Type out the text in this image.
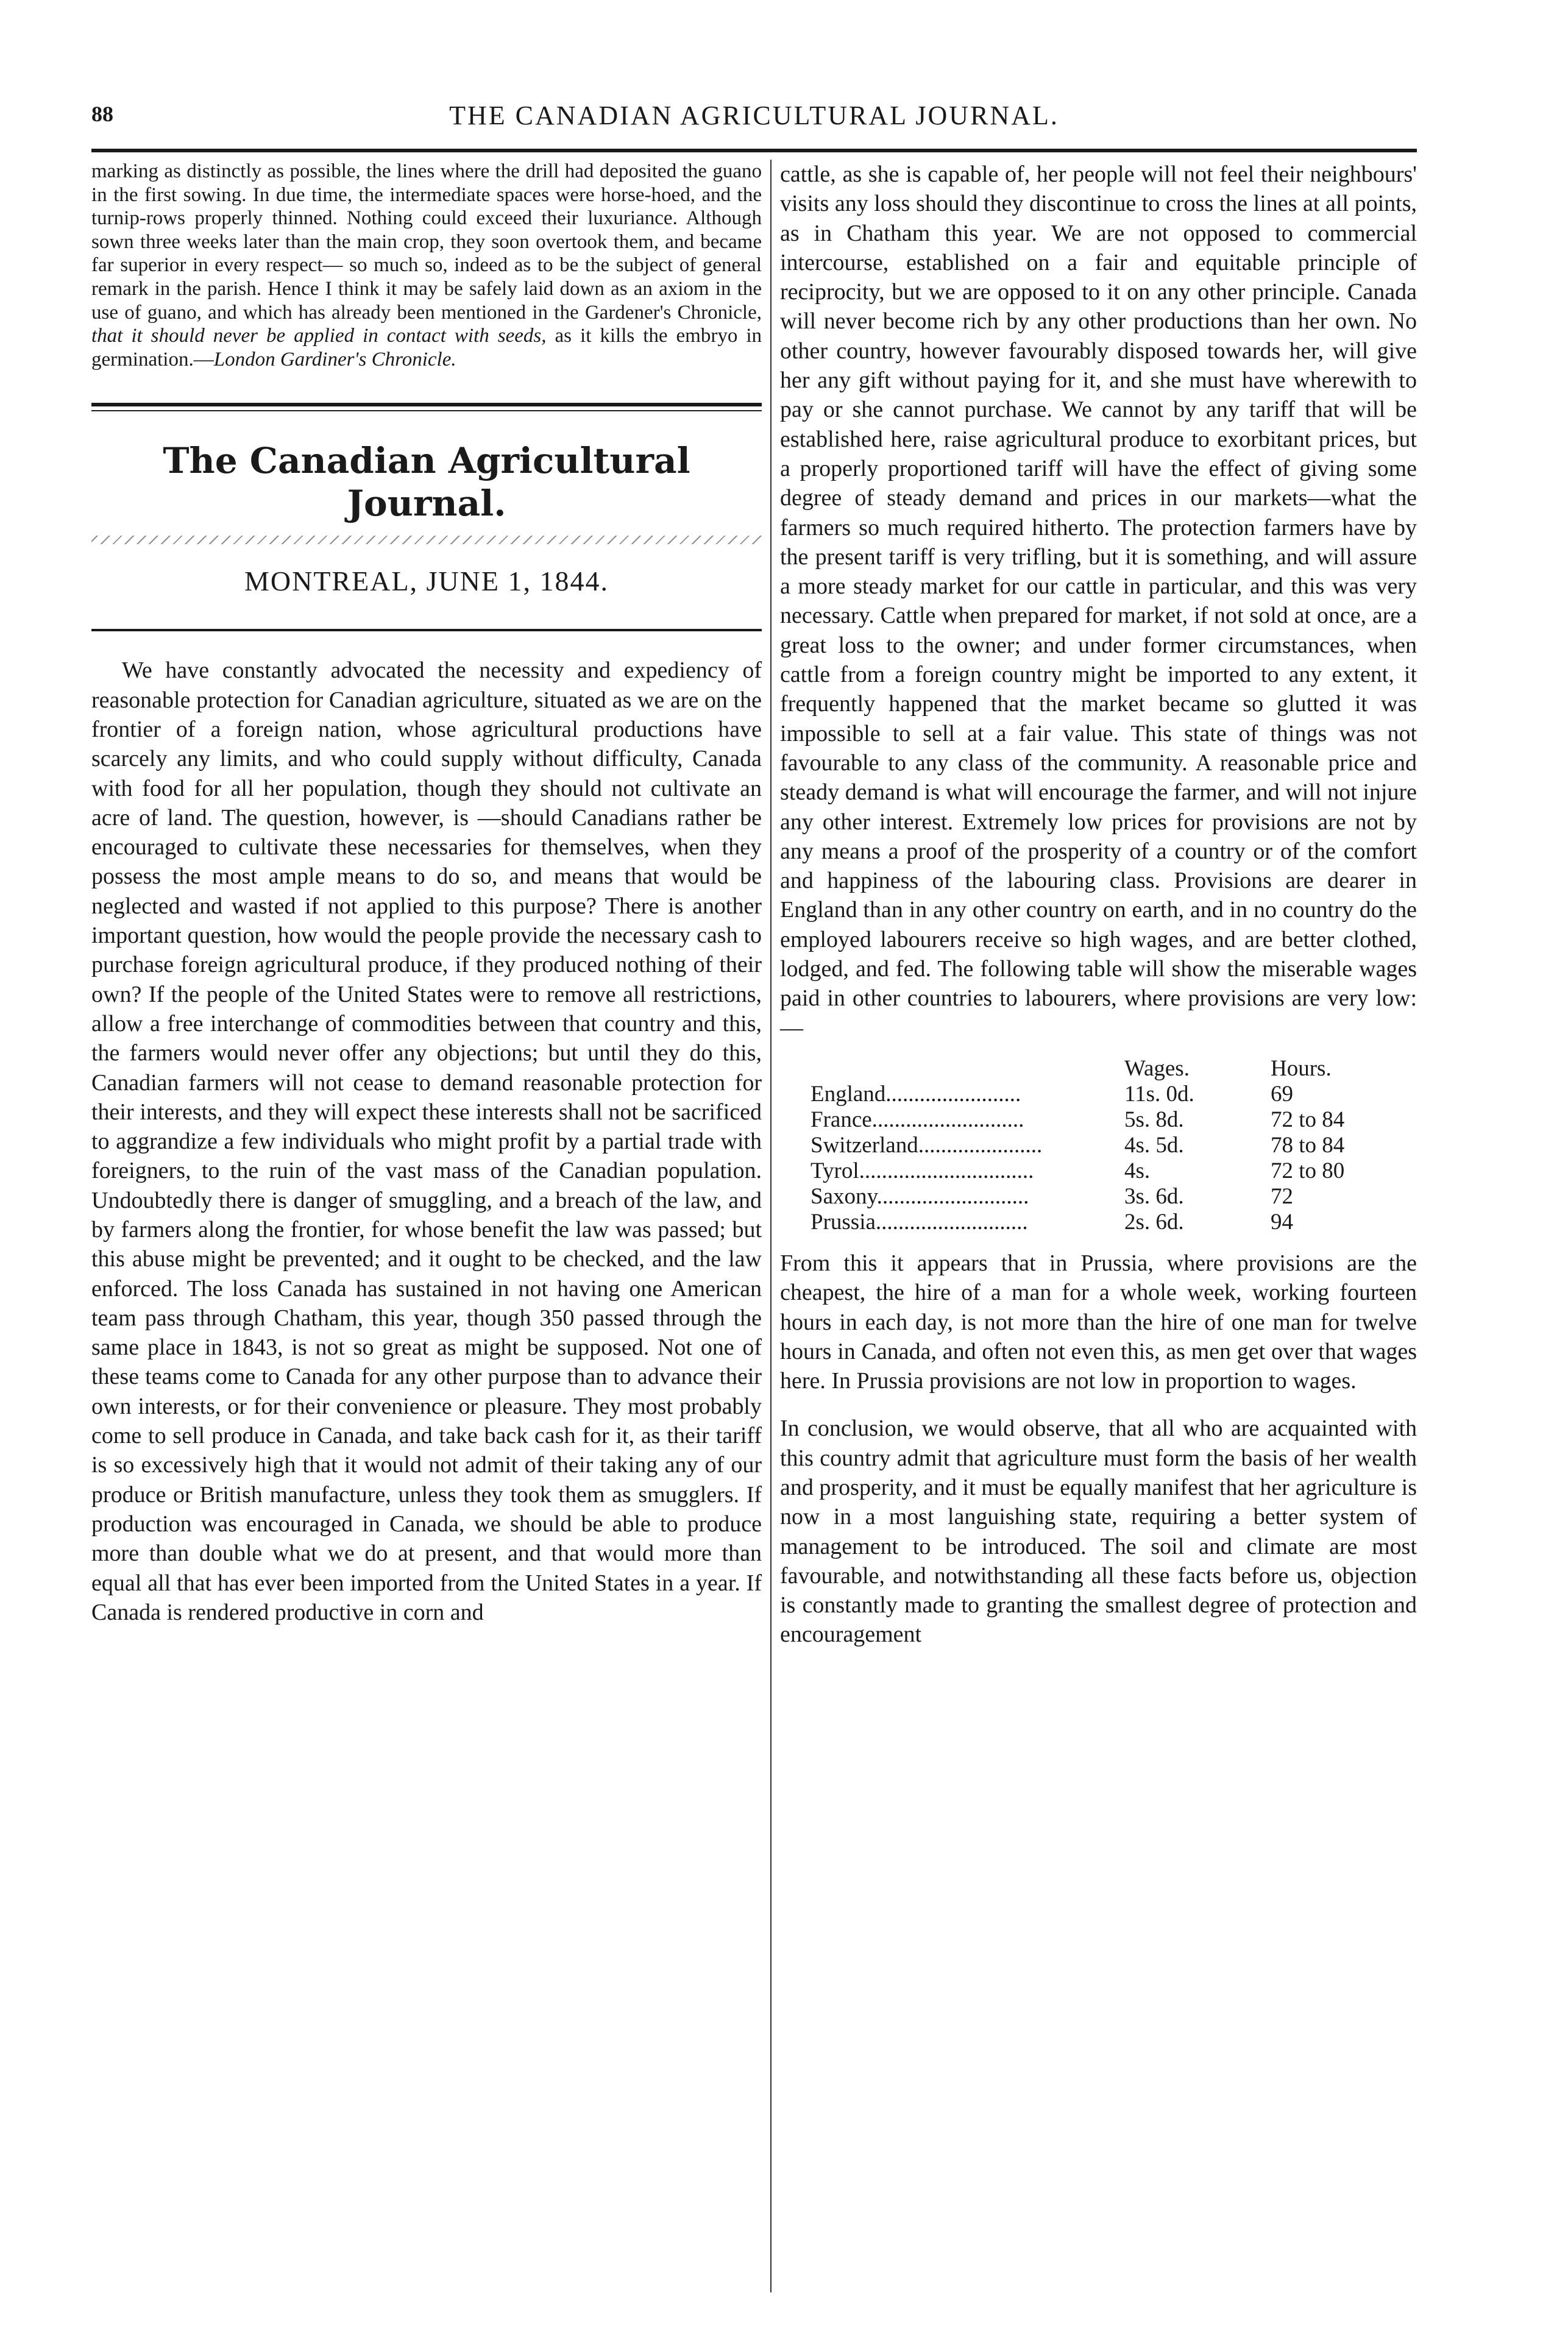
88	THE CANADIAN AGRICULTURAL JOURNAL.

marking as distinctly as possible, the lines where the drill had deposited the guano in the first sowing. In due time, the intermediate spaces were horse-hoed, and the turnip-rows properly thinned. Nothing could exceed their luxuriance. Although sown three weeks later than the main crop, they soon overtook them, and became far superior in every respect— so much so, indeed as to be the subject of general remark in the parish. Hence I think it may be safely laid down as an axiom in the use of guano, and which has already been mentioned in the Gardener's Chronicle, that it should never be applied in contact with seeds, as it kills the embryo in germination.—London Gardiner's Chronicle.

The Canadian Agricultural Journal.
MONTREAL, JUNE 1, 1844.

We have constantly advocated the necessity and expediency of reasonable protection for Canadian agriculture, situated as we are on the frontier of a foreign nation, whose agricultural productions have scarcely any limits, and who could supply without difficulty, Canada with food for all her population, though they should not cultivate an acre of land. The question, however, is —should Canadians rather be encouraged to cultivate these necessaries for themselves, when they possess the most ample means to do so, and means that would be neglected and wasted if not applied to this purpose? There is another important question, how would the people provide the necessary cash to purchase foreign agricultural produce, if they produced nothing of their own? If the people of the United States were to remove all restrictions, allow a free interchange of commodities between that country and this, the farmers would never offer any objections; but until they do this, Canadian farmers will not cease to demand reasonable protection for their interests, and they will expect these interests shall not be sacrificed to aggrandize a few individuals who might profit by a partial trade with foreigners, to the ruin of the vast mass of the Canadian population. Undoubtedly there is danger of smuggling, and a breach of the law, and by farmers along the frontier, for whose benefit the law was passed; but this abuse might be prevented; and it ought to be checked, and the law enforced. The loss Canada has sustained in not having one American team pass through Chatham, this year, though 350 passed through the same place in 1843, is not so great as might be supposed. Not one of these teams come to Canada for any other purpose than to advance their own interests, or for their convenience or pleasure. They most probably come to sell produce in Canada, and take back cash for it, as their tariff is so excessively high that it would not admit of their taking any of our produce or British manufacture, unless they took them as smugglers. If production was encouraged in Canada, we should be able to produce more than double what we do at present, and that would more than equal all that has ever been imported from the United States in a year. If Canada is rendered productive in corn and

cattle, as she is capable of, her people will not feel their neighbours' visits any loss should they discontinue to cross the lines at all points, as in Chatham this year. We are not opposed to commercial intercourse, established on a fair and equitable principle of reciprocity, but we are opposed to it on any other principle. Canada will never become rich by any other productions than her own. No other country, however favourably disposed towards her, will give her any gift without paying for it, and she must have wherewith to pay or she cannot purchase. We cannot by any tariff that will be established here, raise agricultural produce to exorbitant prices, but a properly proportioned tariff will have the effect of giving some degree of steady demand and prices in our markets—what the farmers so much required hitherto. The protection farmers have by the present tariff is very trifling, but it is something, and will assure a more steady market for our cattle in particular, and this was very necessary. Cattle when prepared for market, if not sold at once, are a great loss to the owner; and under former circumstances, when cattle from a foreign country might be imported to any extent, it frequently happened that the market became so glutted it was impossible to sell at a fair value. This state of things was not favourable to any class of the community. A reasonable price and steady demand is what will encourage the farmer, and will not injure any other interest. Extremely low prices for provisions are not by any means a proof of the prosperity of a country or of the comfort and happiness of the labouring class. Provisions are dearer in England than in any other country on earth, and in no country do the employed labourers receive so high wages, and are better clothed, lodged, and fed. The following table will show the miserable wages paid in other countries to labourers, where provisions are very low:—

	Wages.	Hours.
England........................	11s. 0d.	69
France...........................	5s. 8d.	72 to 84
Switzerland......................	4s. 5d.	78 to 84
Tyrol...............................	4s.	72 to 80
Saxony...........................	3s. 6d.	72
Prussia...........................	2s. 6d.	94

From this it appears that in Prussia, where provisions are the cheapest, the hire of a man for a whole week, working fourteen hours in each day, is not more than the hire of one man for twelve hours in Canada, and often not even this, as men get over that wages here. In Prussia provisions are not low in proportion to wages.

In conclusion, we would observe, that all who are acquainted with this country admit that agriculture must form the basis of her wealth and prosperity, and it must be equally manifest that her agriculture is now in a most languishing state, requiring a better system of management to be introduced. The soil and climate are most favourable, and notwithstanding all these facts before us, objection is constantly made to granting the smallest degree of protection and encouragement
